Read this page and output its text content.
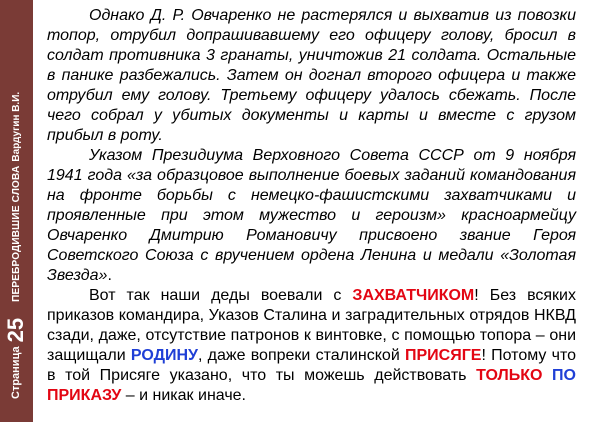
Страница
25
ПЕРЕБРОДИВШИЕ СЛОВА
Вардугин В.И.

Однако Д. Р. Овчаренко не растерялся и выхватив из повозки топор, отрубил допрашивавшему его офицеру голову, бросил в солдат противника 3 гранаты, уничтожив 21 солдата. Остальные в панике разбежались. Затем он догнал второго офицера и также отрубил ему голову. Третьему офицеру удалось сбежать. После чего собрал у убитых документы и карты и вместе с грузом прибыл в роту.

Указом Президиума Верховного Совета СССР от 9 ноября 1941 года «за образцовое выполнение боевых заданий командования на фронте борьбы с немецко-фашистскими захватчиками и проявленные при этом мужество и героизм» красноармейцу Овчаренко Дмитрию Романовичу присвоено звание Героя Советского Союза с вручением ордена Ленина и медали «Золотая Звезда».

Вот так наши деды воевали с ЗАХВАТЧИКОМ! Без всяких приказов командира, Указов Сталина и заградительных отрядов НКВД сзади, даже, отсутствие патронов к винтовке, с помощью топора – они защищали РОДИНУ, даже вопреки сталинской ПРИСЯГЕ! Потому что в той Присяге указано, что ты можешь действовать ТОЛЬКО ПО ПРИКАЗУ – и никак иначе.
